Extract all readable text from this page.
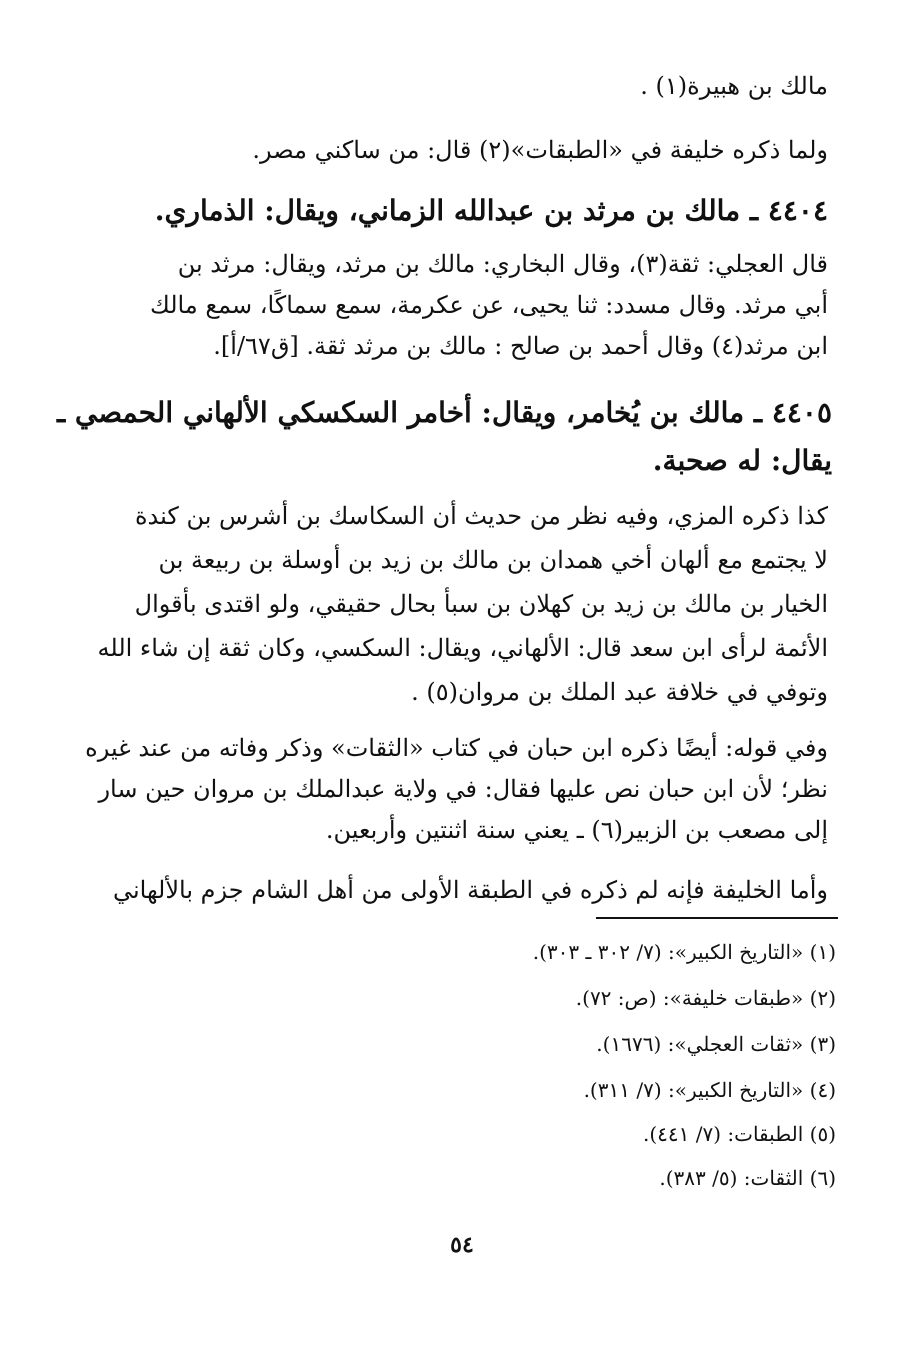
مالك بن هبيرة(١) .
ولما ذكره خليفة في «الطبقات»(٢) قال: من ساكني مصر.
٤٤٠٤ ـ مالك بن مرثد بن عبدالله الزماني، ويقال: الذماري.
قال العجلي: ثقة(٣)، وقال البخاري: مالك بن مرثد، ويقال: مرثد بن
أبي مرثد. وقال مسدد: ثنا يحيى، عن عكرمة، سمع سماكًا، سمع مالك
ابن مرثد(٤) وقال أحمد بن صالح : مالك بن مرثد ثقة. [ق٦٧/أ].
٤٤٠٥ ـ مالك بن يُخامر، ويقال: أخامر السكسكي الألهاني الحمصي ـ
يقال: له صحبة.
كذا ذكره المزي، وفيه نظر من حديث أن السكاسك بن أشرس بن كندة
لا يجتمع مع ألهان أخي همدان بن مالك بن زيد بن أوسلة بن ربيعة بن
الخيار بن مالك بن زيد بن كهلان بن سبأ بحال حقيقي، ولو اقتدى بأقوال
الأئمة لرأى ابن سعد قال: الألهاني، ويقال: السكسي، وكان ثقة إن شاء الله
وتوفي في خلافة عبد الملك بن مروان(٥) .
وفي قوله: أيضًا ذكره ابن حبان في كتاب «الثقات» وذكر وفاته من عند غيره
نظر؛ لأن ابن حبان نص عليها فقال: في ولاية عبدالملك بن مروان حين سار
إلى مصعب بن الزبير(٦) ـ يعني سنة اثنتين وأربعين.
وأما الخليفة فإنه لم ذكره في الطبقة الأولى من أهل الشام جزم بالألهاني
(١) «التاريخ الكبير»: (٧/ ٣٠٢ ـ ٣٠٣).
(٢) «طبقات خليفة»: (ص: ٧٢).
(٣) «ثقات العجلي»: (١٦٧٦).
(٤) «التاريخ الكبير»: (٧/ ٣١١).
(٥) الطبقات: (٧/ ٤٤١).
(٦) الثقات: (٥/ ٣٨٣).
٥٤
